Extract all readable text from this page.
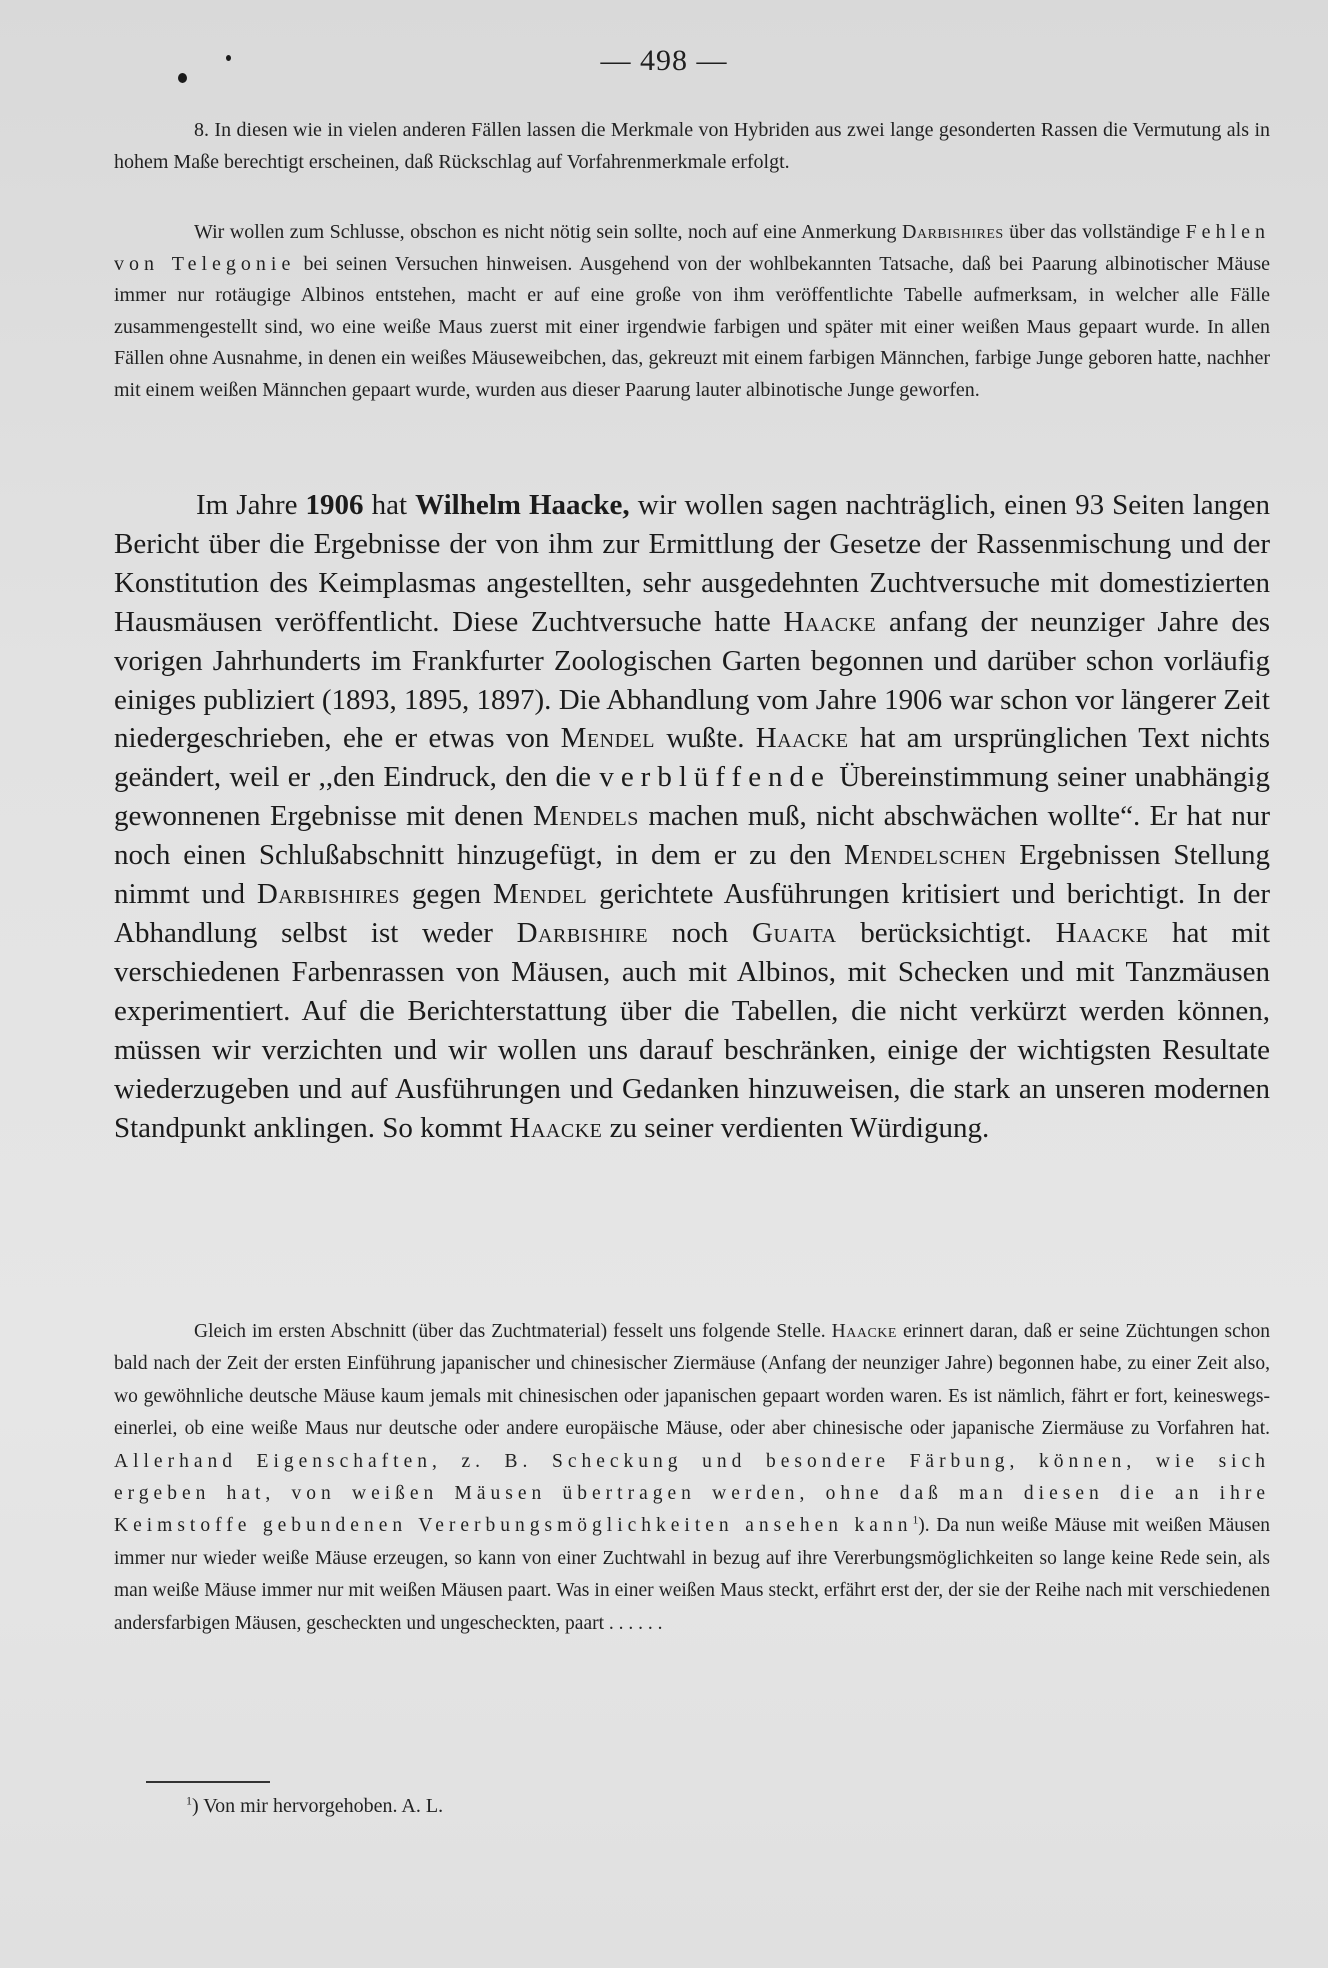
— 498 —

8. In diesen wie in vielen anderen Fällen lassen die Merkmale von Hybriden aus zwei lange gesonderten Rassen die Vermutung als in hohem Maße berechtigt erscheinen, daß Rückschlag auf Vorfahrenmerkmale erfolgt.

Wir wollen zum Schlusse, obschon es nicht nötig sein sollte, noch auf eine Anmerkung Darbishires über das vollständige Fehlen von Telegonie bei seinen Versuchen hinweisen. Ausgehend von der wohlbekannten Tatsache, daß bei Paarung albinotischer Mäuse immer nur rotäugige Albinos entstehen, macht er auf eine große von ihm veröffentlichte Tabelle aufmerksam, in welcher alle Fälle zusammengestellt sind, wo eine weiße Maus zuerst mit einer irgendwie farbigen und später mit einer weißen Maus gepaart wurde. In allen Fällen ohne Ausnahme, in denen ein weißes Mäuseweibchen, das, gekreuzt mit einem farbigen Männchen, farbige Junge geboren hatte, nachher mit einem weißen Männchen gepaart wurde, wurden aus dieser Paarung lauter albinotische Junge geworfen.

Im Jahre 1906 hat Wilhelm Haacke, wir wollen sagen nachträglich, einen 93 Seiten langen Bericht über die Ergebnisse der von ihm zur Ermittlung der Gesetze der Rassenmischung und der Konstitution des Keimplasmas angestellten, sehr ausgedehnten Zuchtversuche mit domestizierten Hausmäusen veröffentlicht. Diese Zuchtversuche hatte Haacke anfang der neunziger Jahre des vorigen Jahrhunderts im Frankfurter Zoologischen Garten begonnen und darüber schon vorläufig einiges publiziert (1893, 1895, 1897). Die Abhandlung vom Jahre 1906 war schon vor längerer Zeit niedergeschrieben, ehe er etwas von Mendel wußte. Haacke hat am ursprünglichen Text nichts geändert, weil er ,,den Eindruck, den die verblüffende Übereinstimmung seiner unabhängig gewonnenen Ergebnisse mit denen Mendels machen muß, nicht abschwächen wollte“. Er hat nur noch einen Schlußabschnitt hinzugefügt, in dem er zu den Mendelschen Ergebnissen Stellung nimmt und Darbishires gegen Mendel gerichtete Ausführungen kritisiert und berichtigt. In der Abhandlung selbst ist weder Darbishire noch Guaita berücksichtigt. Haacke hat mit verschiedenen Farbenrassen von Mäusen, auch mit Albinos, mit Schecken und mit Tanzmäusen experimentiert. Auf die Berichterstattung über die Tabellen, die nicht verkürzt werden können, müssen wir verzichten und wir wollen uns darauf beschränken, einige der wichtigsten Resultate wiederzugeben und auf Ausführungen und Gedanken hinzuweisen, die stark an unseren modernen Standpunkt anklingen. So kommt Haacke zu seiner verdienten Würdigung.

Gleich im ersten Abschnitt (über das Zuchtmaterial) fesselt uns folgende Stelle. Haacke erinnert daran, daß er seine Züchtungen schon bald nach der Zeit der ersten Einführung japanischer und chinesischer Ziermäuse (Anfang der neunziger Jahre) begonnen habe, zu einer Zeit also, wo gewöhnliche deutsche Mäuse kaum jemals mit chinesischen oder japanischen gepaart worden waren. Es ist nämlich, fährt er fort, keineswegs-einerlei, ob eine weiße Maus nur deutsche oder andere europäische Mäuse, oder aber chinesische oder japanische Ziermäuse zu Vorfahren hat. Allerhand Eigenschaften, z. B. Scheckung und besondere Färbung, können, wie sich ergeben hat, von weißen Mäusen übertragen werden, ohne daß man diesen die an ihre Keimstoffe gebundenen Vererbungsmöglichkeiten ansehen kann$^1$). Da nun weiße Mäuse mit weißen Mäusen immer nur wieder weiße Mäuse erzeugen, so kann von einer Zuchtwahl in bezug auf ihre Vererbungsmöglichkeiten so lange keine Rede sein, als man weiße Mäuse immer nur mit weißen Mäusen paart. Was in einer weißen Maus steckt, erfährt erst der, der sie der Reihe nach mit verschiedenen andersfarbigen Mäusen, gescheckten und ungescheckten, paart . . . . . .

$^1$) Von mir hervorgehoben. A. L.
